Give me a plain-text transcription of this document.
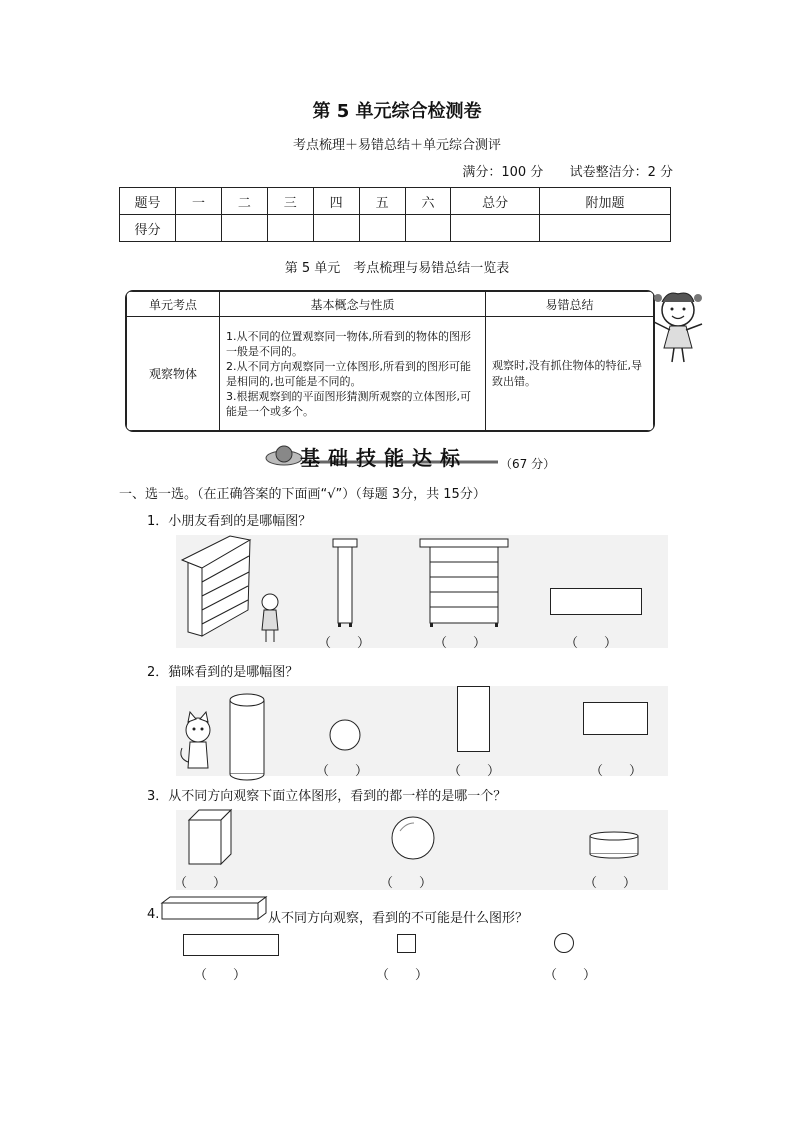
第 5 单元综合检测卷
考点梳理＋易错总结＋单元综合测评
满分：100 分 试卷整洁分：2 分
题号	一	二	三	四	五	六	总分	附加题
得分								
第 5 单元　考点梳理与易错总结一览表
单元考点	基本概念与性质	易错总结
观察物体	1.从不同的位置观察同一物体,所看到的物体的图形一般是不同的。
2.从不同方向观察同一立体图形,所看到的图形可能是相同的,也可能是不同的。
3.根据观察到的平面图形猜测所观察的立体图形,可能是一个或多个。	观察时,没有抓住物体的特征,导致出错。
基础技能达标	（67 分）
一、选一选。（在正确答案的下面画“√”）（每题 3分，共 15分）
1．小朋友看到的是哪幅图？
（　　）	（　　）	（　　）
2．猫咪看到的是哪幅图？
（　　）	（　　）	（　　）
3．从不同方向观察下面立体图形，看到的都一样的是哪一个？
（　　）	（　　）	（　　）
4.	从不同方向观察，看到的不可能是什么图形？
（　　）	（　　）	（　　）
